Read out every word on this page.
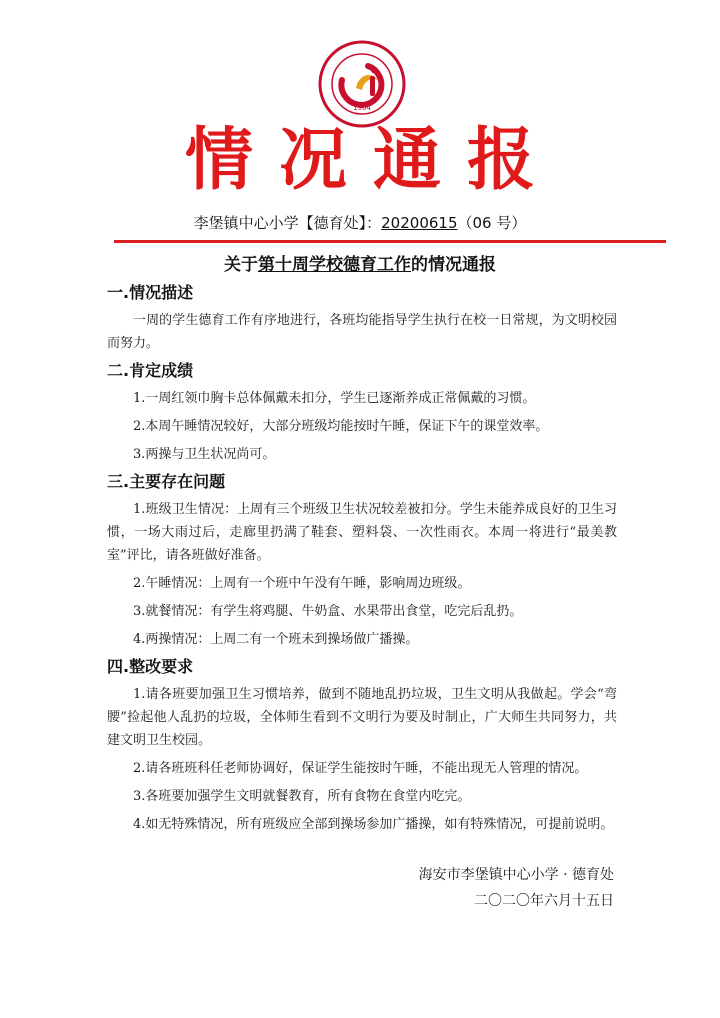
1904
情况通报
李堡镇中心小学【德育处】：20200615（06 号）
关于第十周学校德育工作的情况通报
一.情况描述

一周的学生德育工作有序地进行，各班均能指导学生执行在校一日常规，为文明校园而努力。

二.肯定成绩

1.一周红领巾胸卡总体佩戴未扣分，学生已逐渐养成正常佩戴的习惯。

2.本周午睡情况较好，大部分班级均能按时午睡，保证下午的课堂效率。

3.两操与卫生状况尚可。

三.主要存在问题

1.班级卫生情况：上周有三个班级卫生状况较差被扣分。学生未能养成良好的卫生习惯，一场大雨过后，走廊里扔满了鞋套、塑料袋、一次性雨衣。本周一将进行“最美教室”评比，请各班做好准备。

2.午睡情况：上周有一个班中午没有午睡，影响周边班级。

3.就餐情况：有学生将鸡腿、牛奶盒、水果带出食堂，吃完后乱扔。

4.两操情况：上周二有一个班未到操场做广播操。

四.整改要求

1.请各班要加强卫生习惯培养，做到不随地乱扔垃圾，卫生文明从我做起。学会“弯腰”捡起他人乱扔的垃圾，全体师生看到不文明行为要及时制止，广大师生共同努力，共建文明卫生校园。

2.请各班班科任老师协调好，保证学生能按时午睡，不能出现无人管理的情况。

3.各班要加强学生文明就餐教育，所有食物在食堂内吃完。

4.如无特殊情况，所有班级应全部到操场参加广播操，如有特殊情况，可提前说明。

海安市李堡镇中心小学 · 德育处
二〇二〇年六月十五日
